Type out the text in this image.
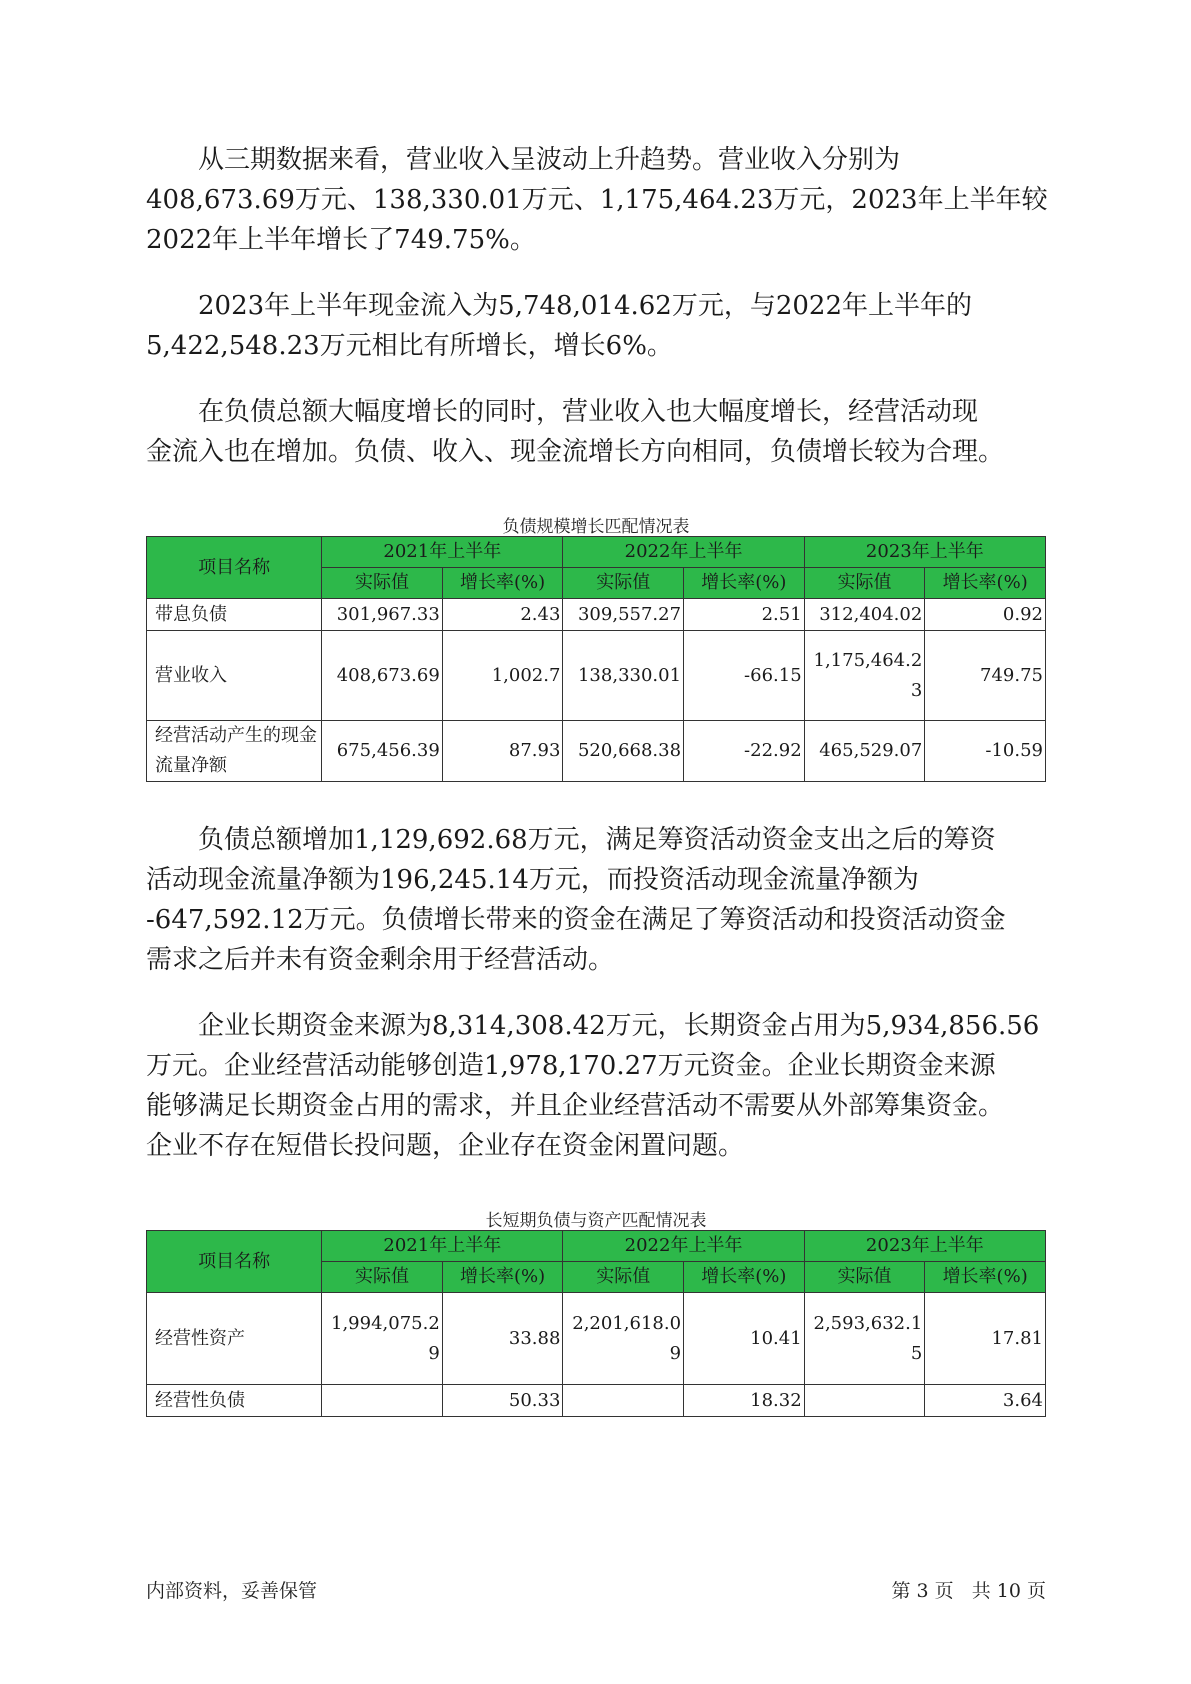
从三期数据来看，营业收入呈波动上升趋势。营业收入分别为

408,673.69万元、138,330.01万元、1,175,464.23万元，2023年上半年较

2022年上半年增长了749.75%。

2023年上半年现金流入为5,748,014.62万元，与2022年上半年的

5,422,548.23万元相比有所增长，增长6%。

在负债总额大幅度增长的同时，营业收入也大幅度增长，经营活动现

金流入也在增加。负债、收入、现金流增长方向相同，负债增长较为合理。

负债规模增长匹配情况表
项目名称	2021年上半年		2022年上半年		2023年上半年	
	实际值	增长率(%)	实际值	增长率(%)	实际值	增长率(%)
带息负债	301,967.33	2.43	309,557.27	2.51	312,404.02	0.92
营业收入	408,673.69	1,002.7	138,330.01	-66.15	1,175,464.23	749.75
经营活动产生的现金流量净额	675,456.39	87.93	520,668.38	-22.92	465,529.07	-10.59

负债总额增加1,129,692.68万元，满足筹资活动资金支出之后的筹资

活动现金流量净额为196,245.14万元，而投资活动现金流量净额为

-647,592.12万元。负债增长带来的资金在满足了筹资活动和投资活动资金

需求之后并未有资金剩余用于经营活动。

企业长期资金来源为8,314,308.42万元，长期资金占用为5,934,856.56

万元。企业经营活动能够创造1,978,170.27万元资金。企业长期资金来源

能够满足长期资金占用的需求，并且企业经营活动不需要从外部筹集资金。

企业不存在短借长投问题，企业存在资金闲置问题。

长短期负债与资产匹配情况表
项目名称	2021年上半年		2022年上半年		2023年上半年	
	实际值	增长率(%)	实际值	增长率(%)	实际值	增长率(%)
经营性资产	1,994,075.29	33.88	2,201,618.09	10.41	2,593,632.15	17.81
经营性负债		50.33		18.32		3.64
内部资料，妥善保管	第 3 页   共 10 页
